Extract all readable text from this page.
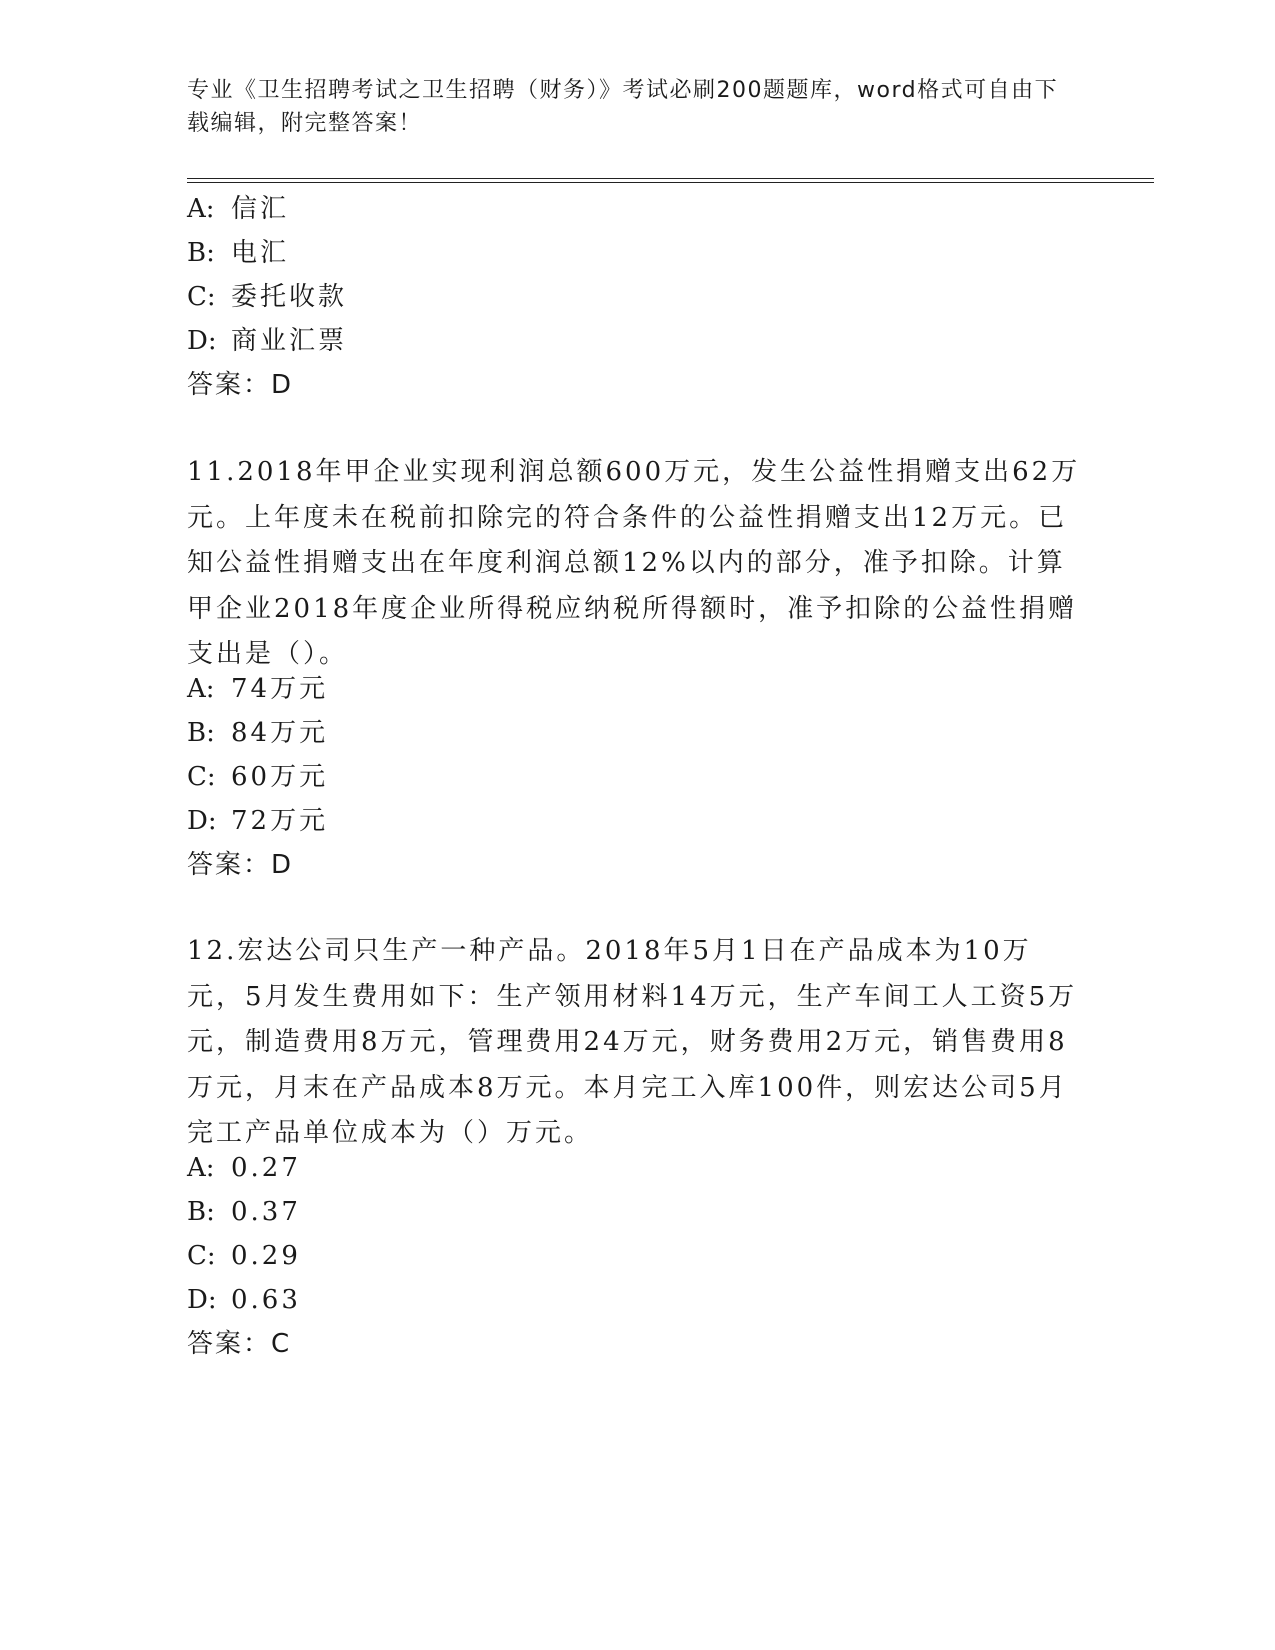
专业《卫生招聘考试之卫生招聘（财务）》考试必刷200题题库，word格式可自由下载编辑，附完整答案！
A: 信汇
B: 电汇
C: 委托收款
D: 商业汇票
答案：D
11.2018年甲企业实现利润总额600万元，发生公益性捐赠支出62万元。上年度未在税前扣除完的符合条件的公益性捐赠支出12万元。已知公益性捐赠支出在年度利润总额12%以内的部分，准予扣除。计算甲企业2018年度企业所得税应纳税所得额时，准予扣除的公益性捐赠支出是（）。
A: 74万元
B: 84万元
C: 60万元
D: 72万元
答案：D
12.宏达公司只生产一种产品。2018年5月1日在产品成本为10万元，5月发生费用如下：生产领用材料14万元，生产车间工人工资5万元，制造费用8万元，管理费用24万元，财务费用2万元，销售费用8万元，月末在产品成本8万元。本月完工入库100件，则宏达公司5月完工产品单位成本为（）万元。
A: 0.27
B: 0.37
C: 0.29
D: 0.63
答案：C
